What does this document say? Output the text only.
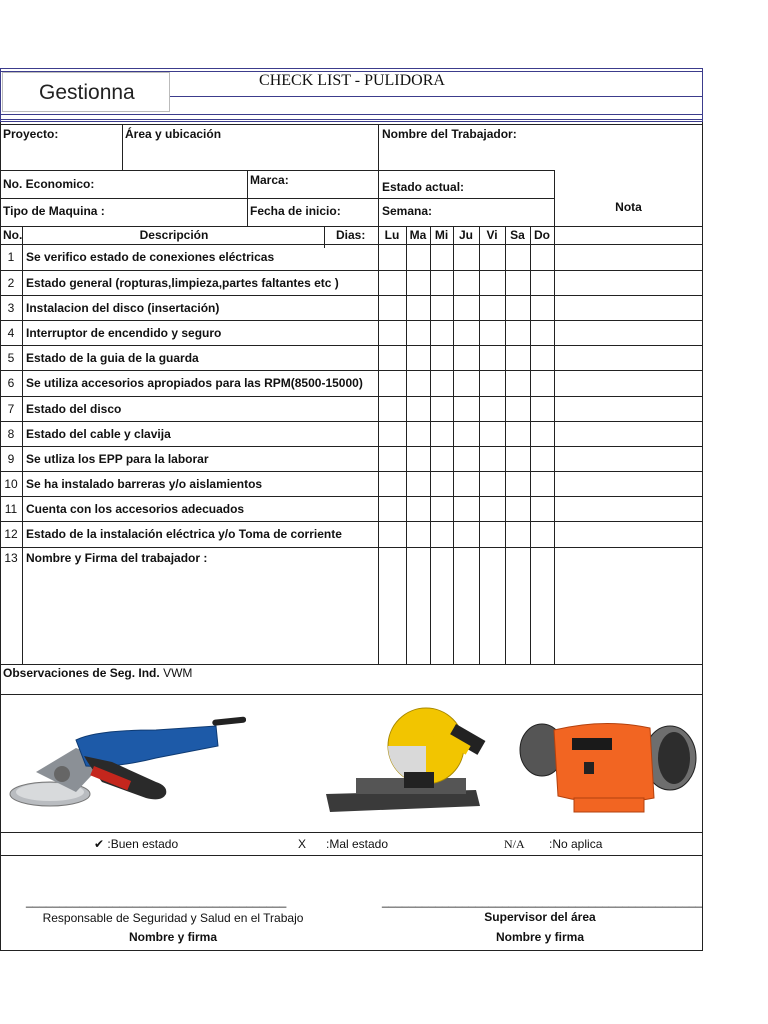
Gestionna
CHECK LIST - PULIDORA
Proyecto:	Área y ubicación	Nombre del Trabajador:
No. Economico:	Marca:	Estado actual:
Tipo de Maquina :	Fecha de inicio:	Semana:	Nota
No.	Descripción	Dias:	Lu Ma Mi Ju	Vi	Sa Do
1 Se verifico estado de conexiones eléctricas
2 Estado general (ropturas,limpieza,partes faltantes etc )
3 Instalacion del disco (insertación)
4 Interruptor de encendido y seguro
5 Estado de la guia de la guarda
6 Se utiliza accesorios apropiados para las RPM(8500-15000)
7 Estado del disco
8 Estado del cable y clavija
9 Se utliza los EPP para la laborar
10 Se ha instalado barreras y/o aislamientos
11 Cuenta con los accesorios adecuados
12 Estado de la instalación eléctrica y/o Toma de corriente
13 Nombre y Firma del trabajador :
Observaciones de Seg. Ind. VWM
✔ :Buen estado	X :Mal estado	N/A :No aplica
_______________________________________
Responsable de Seguridad y Salud en el Trabajo
Nombre y firma
________________________________________________
Supervisor del área
Nombre y firma
